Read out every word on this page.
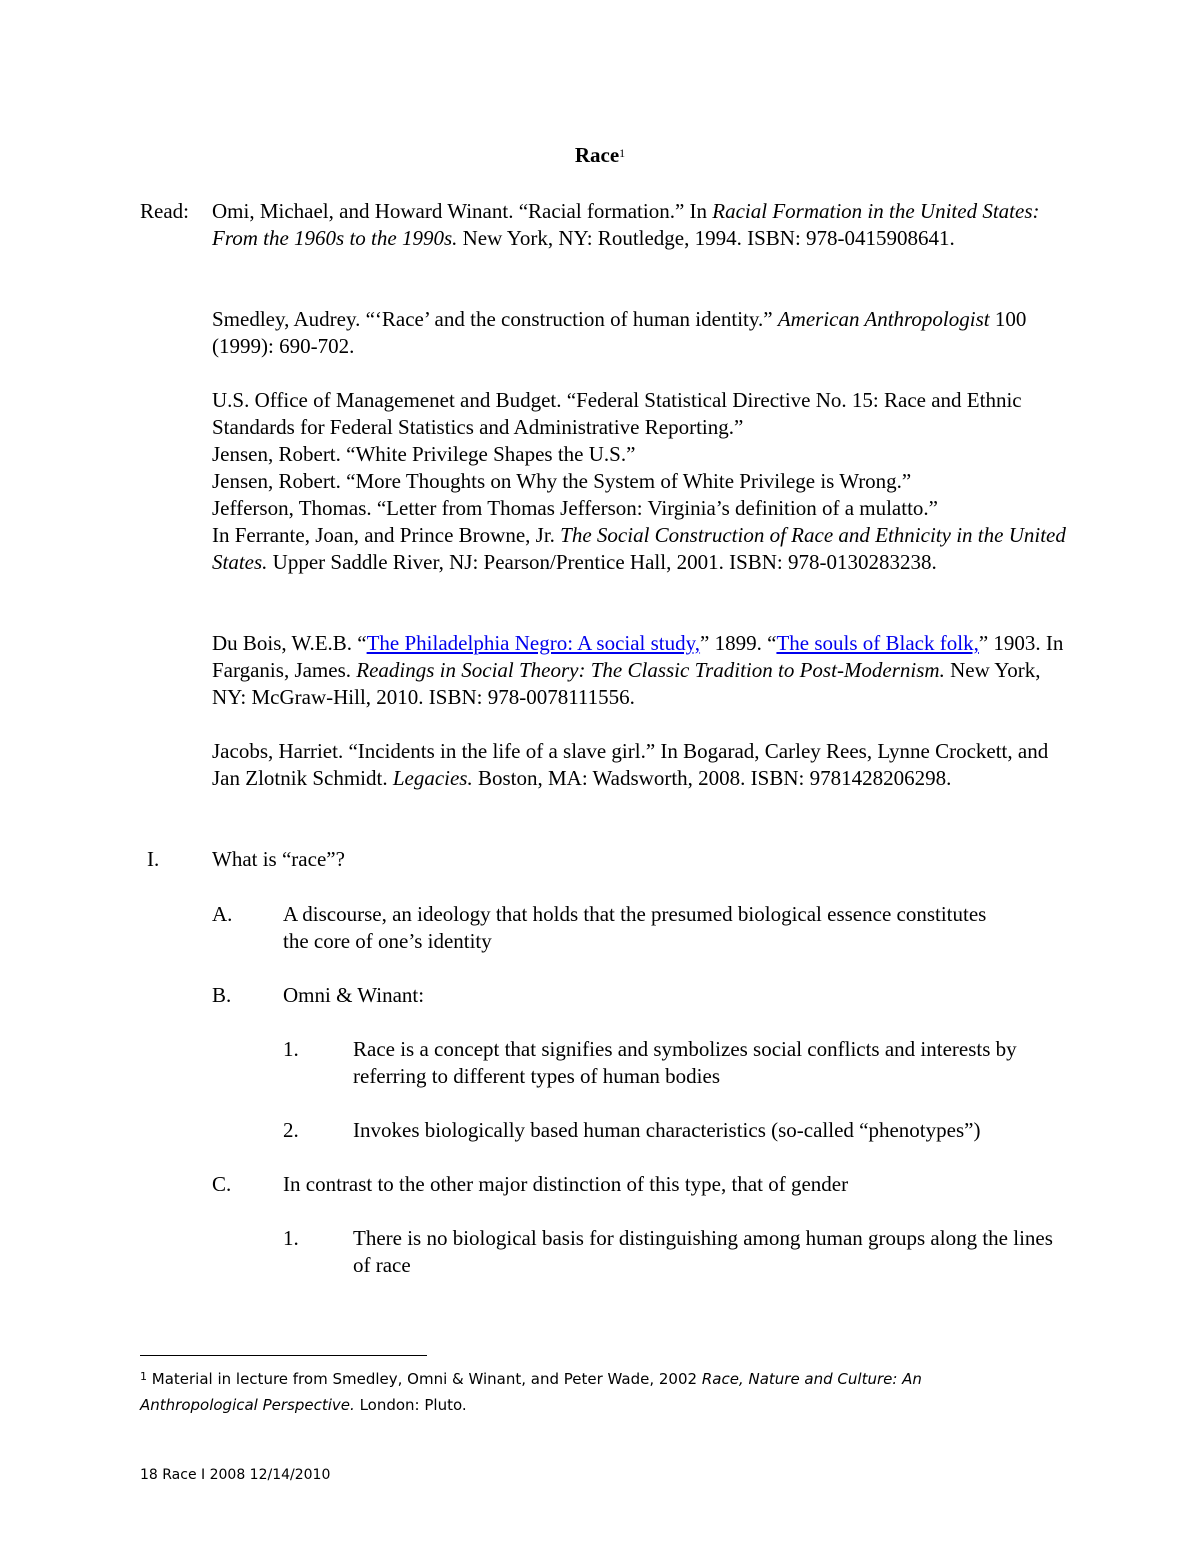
Race$^1$
Read: Omi, Michael, and Howard Winant. “Racial formation.” In Racial Formation in the United States: From the 1960s to the 1990s. New York, NY: Routledge, 1994. ISBN: 978-0415908641.
Smedley, Audrey. “‘Race’ and the construction of human identity.” American Anthropologist 100 (1999): 690-702.
U.S. Office of Managemenet and Budget. “Federal Statistical Directive No. 15: Race and Ethnic Standards for Federal Statistics and Administrative Reporting.”
Jensen, Robert. “White Privilege Shapes the U.S.”
Jensen, Robert. “More Thoughts on Why the System of White Privilege is Wrong.”
Jefferson, Thomas. “Letter from Thomas Jefferson: Virginia’s definition of a mulatto.”
In Ferrante, Joan, and Prince Browne, Jr. The Social Construction of Race and Ethnicity in the United States. Upper Saddle River, NJ: Pearson/Prentice Hall, 2001. ISBN: 978-0130283238.
Du Bois, W.E.B. “The Philadelphia Negro: A social study,” 1899. “The souls of Black folk,” 1903. In Farganis, James. Readings in Social Theory: The Classic Tradition to Post-Modernism. New York, NY: McGraw-Hill, 2010. ISBN: 978-0078111556.
Jacobs, Harriet. “Incidents in the life of a slave girl.” In Bogarad, Carley Rees, Lynne Crockett, and Jan Zlotnik Schmidt. Legacies. Boston, MA: Wadsworth, 2008. ISBN: 9781428206298.
I.	What is “race”?
A. A discourse, an ideology that holds that the presumed biological essence constitutes the core of one’s identity
B. Omni & Winant:
1.	Race is a concept that signifies and symbolizes social conflicts and interests by referring to different types of human bodies
2.	Invokes biologically based human characteristics (so-called “phenotypes”)
C. In contrast to the other major distinction of this type, that of gender
1.	There is no biological basis for distinguishing among human groups along the lines of race
$^1$ Material in lecture from Smedley, Omni & Winant, and Peter Wade, 2002 Race, Nature and Culture: An Anthropological Perspective. London: Pluto.
18 Race I 2008 12/14/2010
